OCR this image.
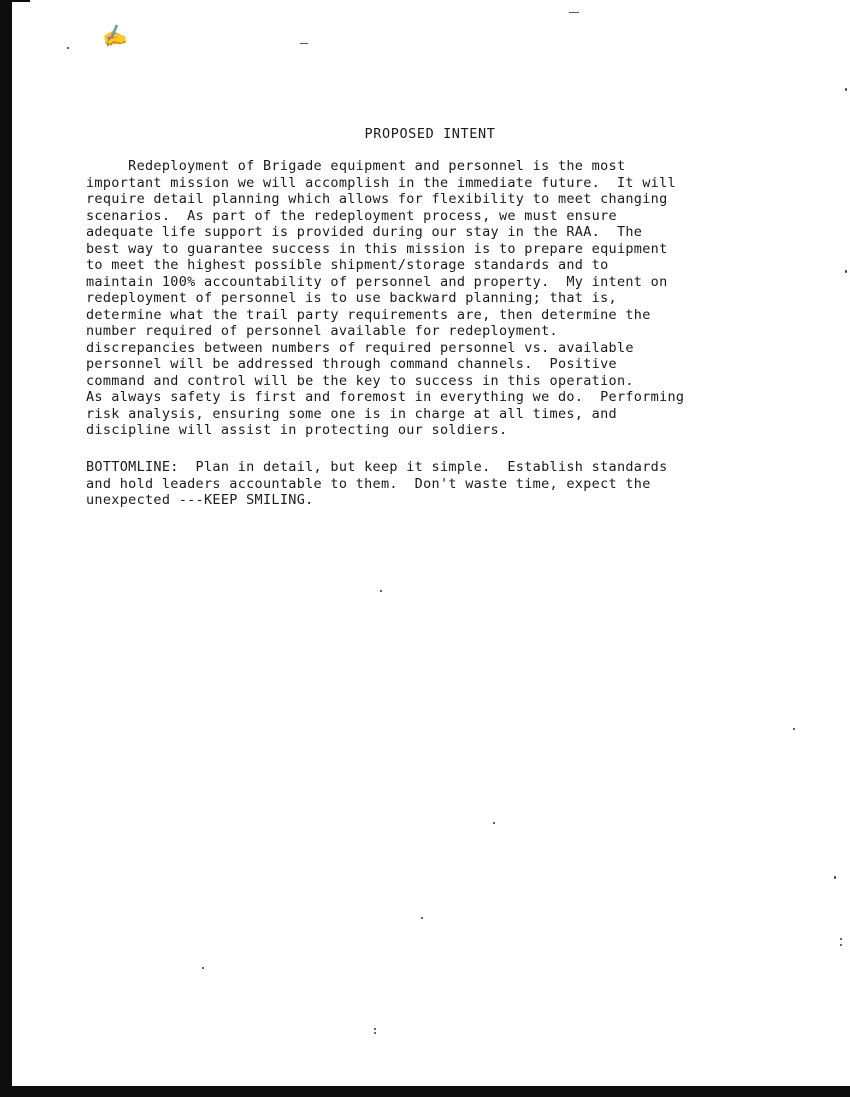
✍
PROPOSED INTENT
Redeployment of Brigade equipment and personnel is the most
important mission we will accomplish in the immediate future.  It will
require detail planning which allows for flexibility to meet changing
scenarios.  As part of the redeployment process, we must ensure
adequate life support is provided during our stay in the RAA.  The
best way to guarantee success in this mission is to prepare equipment
to meet the highest possible shipment/storage standards and to
maintain 100% accountability of personnel and property.  My intent on
redeployment of personnel is to use backward planning; that is,
determine what the trail party requirements are, then determine the
number required of personnel available for redeployment.
discrepancies between numbers of required personnel vs. available
personnel will be addressed through command channels.  Positive
command and control will be the key to success in this operation.
As always safety is first and foremost in everything we do.  Performing
risk analysis, ensuring some one is in charge at all times, and
discipline will assist in protecting our soldiers.
BOTTOMLINE:  Plan in detail, but keep it simple.  Establish standards
and hold leaders accountable to them.  Don't waste time, expect the
unexpected ---KEEP SMILING.
